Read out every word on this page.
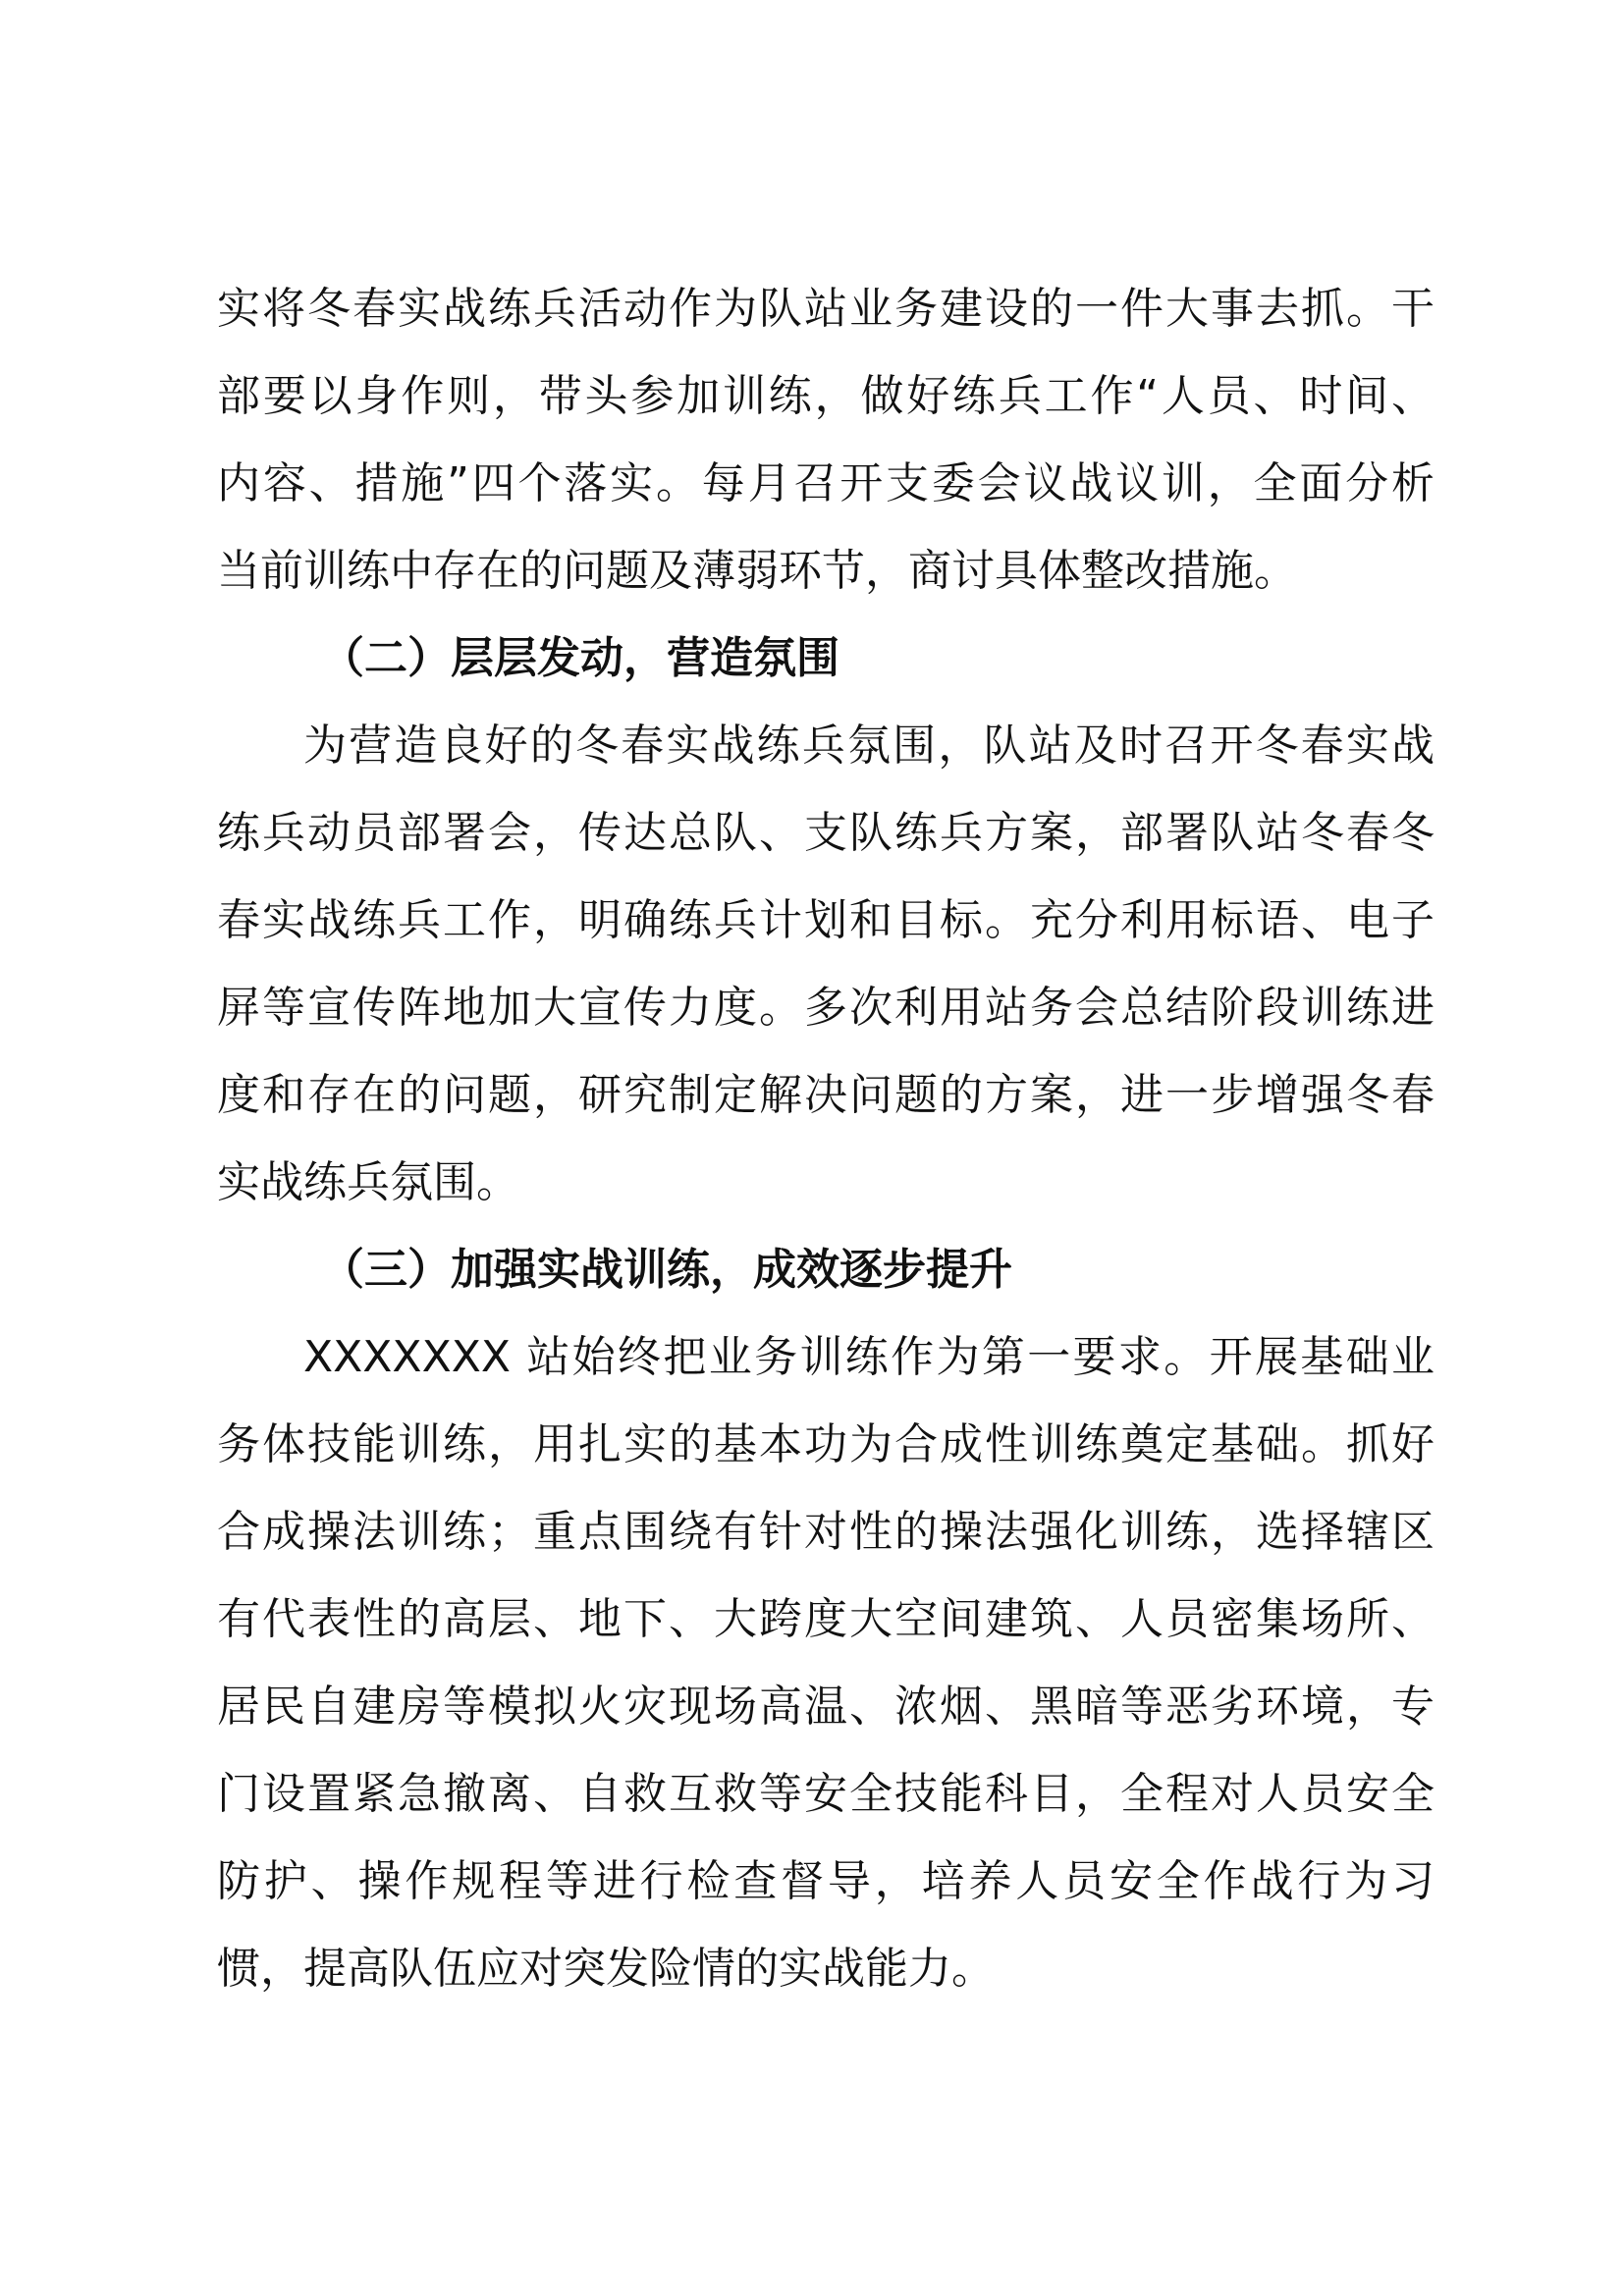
实将冬春实战练兵活动作为队站业务建设的一件大事去抓。干
部要以身作则，带头参加训练，做好练兵工作“人员、时间、
内容、措施”四个落实。每月召开支委会议战议训，全面分析
当前训练中存在的问题及薄弱环节，商讨具体整改措施。
（二）层层发动，营造氛围
为营造良好的冬春实战练兵氛围，队站及时召开冬春实战
练兵动员部署会，传达总队、支队练兵方案，部署队站冬春冬
春实战练兵工作，明确练兵计划和目标。充分利用标语、电子
屏等宣传阵地加大宣传力度。多次利用站务会总结阶段训练进
度和存在的问题，研究制定解决问题的方案，进一步增强冬春
实战练兵氛围。
（三）加强实战训练，成效逐步提升
XXXXXXX 站始终把业务训练作为第一要求。开展基础业
务体技能训练，用扎实的基本功为合成性训练奠定基础。抓好
合成操法训练；重点围绕有针对性的操法强化训练，选择辖区
有代表性的高层、地下、大跨度大空间建筑、人员密集场所、
居民自建房等模拟火灾现场高温、浓烟、黑暗等恶劣环境，专
门设置紧急撤离、自救互救等安全技能科目，全程对人员安全
防护、操作规程等进行检查督导，培养人员安全作战行为习
惯，提高队伍应对突发险情的实战能力。
